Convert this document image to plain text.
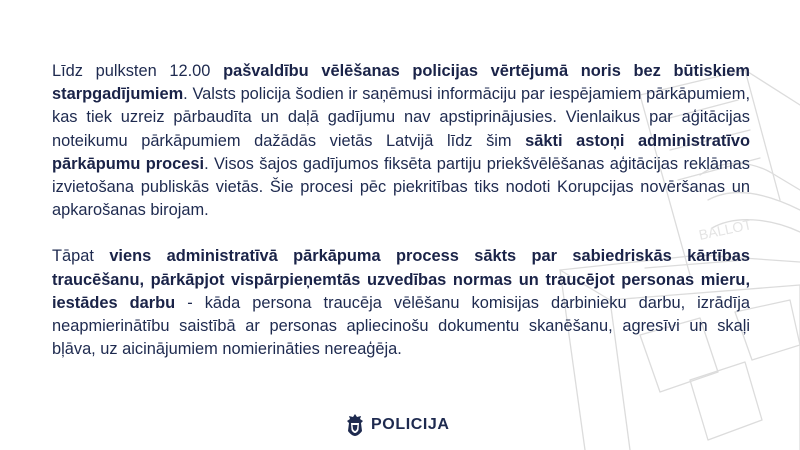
BALLOT

Līdz pulksten 12.00 pašvaldību vēlēšanas policijas vērtējumā noris bez būtiskiem starpgadījumiem. Valsts policija šodien ir saņēmusi informāciju par iespējamiem pārkāpumiem, kas tiek uzreiz pārbaudīta un daļā gadījumu nav apstiprinājusies. Vienlaikus par aģitācijas noteikumu pārkāpumiem dažādās vietās Latvijā līdz šim sākti astoņi administratīvo pārkāpumu procesi. Visos šajos gadījumos fiksēta partiju priekšvēlēšanas aģitācijas reklāmas izvietošana publiskās vietās. Šie procesi pēc piekritības tiks nodoti Korupcijas novēršanas un apkarošanas birojam.

Tāpat viens administratīvā pārkāpuma process sākts par sabiedriskās kārtības traucēšanu, pārkāpjot vispārpieņemtās uzvedības normas un traucējot personas mieru, iestādes darbu - kāda persona traucēja vēlēšanu komisijas darbinieku darbu, izrādīja neapmierinātību saistībā ar personas apliecinošu dokumentu skanēšanu, agresīvi un skaļi bļāva, uz aicinājumiem nomierināties nereaģēja.

POLICIJA
